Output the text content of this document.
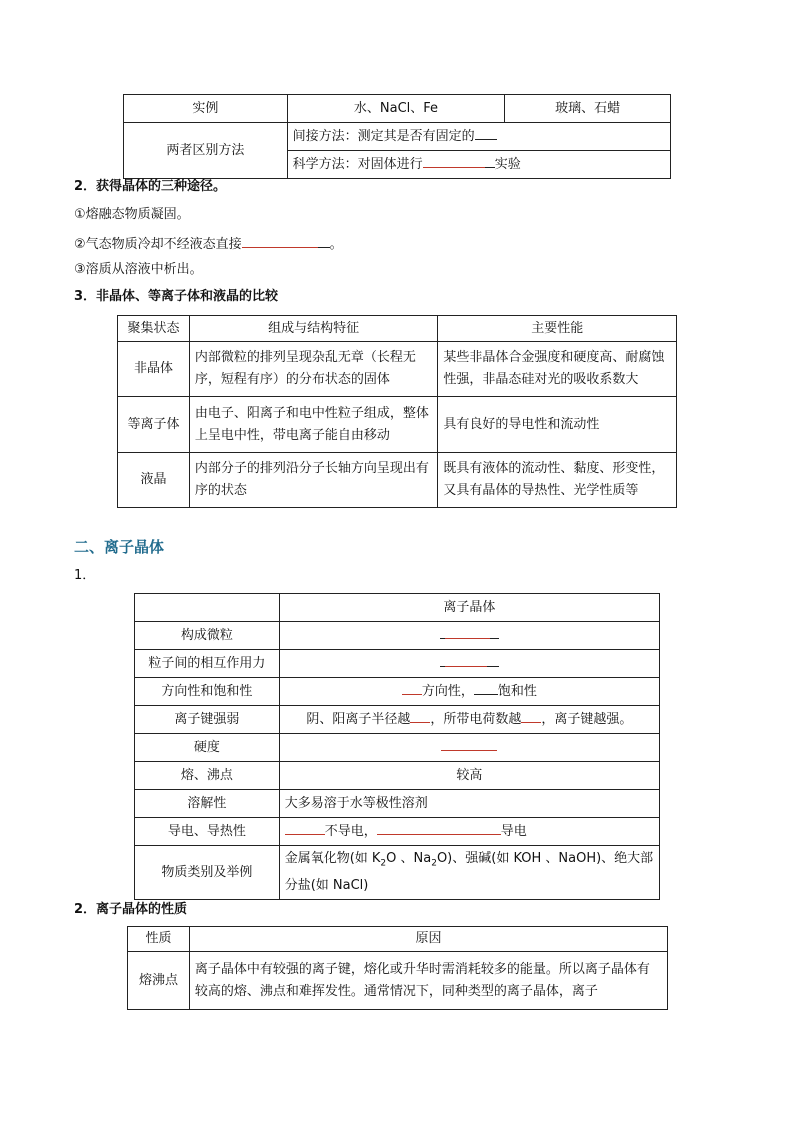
实例	水、NaCl、Fe	玻璃、石蜡
两者区别方法	间接方法：测定其是否有固定的	
	科学方法：对固体进行 实验	

2．获得晶体的三种途径。

①熔融态物质凝固。

②气态物质冷却不经液态直接	。

③溶质从溶液中析出。

3．非晶体、等离子体和液晶的比较

聚集状态	组成与结构特征	主要性能
非晶体	内部微粒的排列呈现杂乱无章（长程无序，短程有序）的分布状态的固体	某些非晶体合金强度和硬度高、耐腐蚀性强，非晶态硅对光的吸收系数大
等离子体	由电子、阳离子和电中性粒子组成，整体上呈电中性，带电离子能自由移动	具有良好的导电性和流动性
液晶	内部分子的排列沿分子长轴方向呈现出有序的状态	既具有液体的流动性、黏度、形变性，又具有晶体的导热性、光学性质等

二、离子晶体

1．

	离子晶体
构成微粒	
粒子间的相互作用力	
方向性和饱和性	方向性， 饱和性
离子键强弱	阴、阳离子半径越 ，所带电荷数越 ，离子键越强。
硬度	
熔、沸点	较高
溶解性	大多易溶于水等极性溶剂
导电、导热性	不导电， 导电
物质类别及举例	金属氧化物(如 $K_2O$ 、$Na_2O$)、强碱(如 KOH 、NaOH)、绝大部分盐(如 NaCl)

2．离子晶体的性质

性质	原因
熔沸点	离子晶体中有较强的离子键，熔化或升华时需消耗较多的能量。所以离子晶体有较高的熔、沸点和难挥发性。通常情况下，同种类型的离子晶体，离子
